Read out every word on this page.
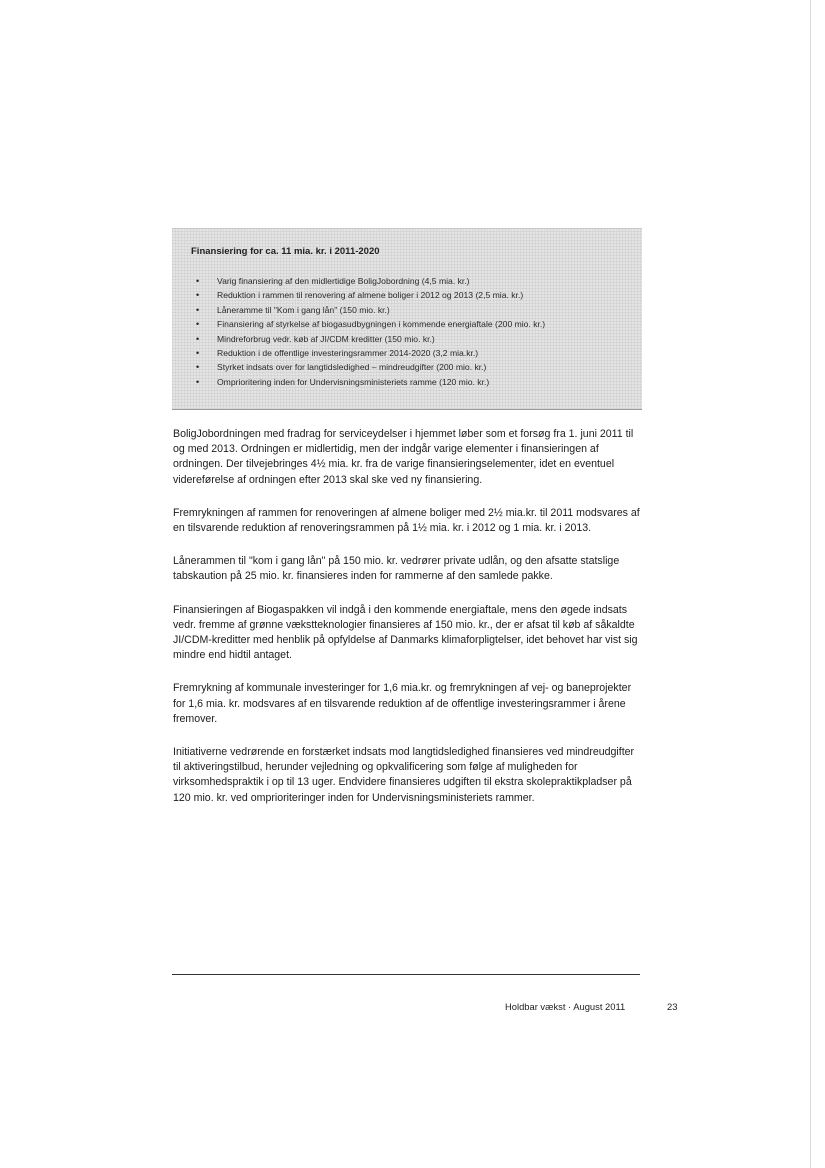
Finansiering for ca. 11 mia. kr. i 2011-2020
• Varig finansiering af den midlertidige BoligJobordning (4,5 mia. kr.)
• Reduktion i rammen til renovering af almene boliger i 2012 og 2013 (2,5 mia. kr.)
• Låneramme til "Kom i gang lån" (150 mio. kr.)
• Finansiering af styrkelse af biogasudbygningen i kommende energiaftale (200 mio. kr.)
• Mindreforbrug vedr. køb af JI/CDM kreditter (150 mio. kr.)
• Reduktion i de offentlige investeringsrammer 2014-2020 (3,2 mia.kr.)
• Styrket indsats over for langtidsledighed – mindreudgifter (200 mio. kr.)
• Omprioritering inden for Undervisningsministeriets ramme (120 mio. kr.)

BoligJobordningen med fradrag for serviceydelser i hjemmet løber som et forsøg fra 1. juni 2011 til og med 2013. Ordningen er midlertidig, men der indgår varige elementer i finansieringen af ordningen. Der tilvejebringes 4½ mia. kr. fra de varige finansieringselementer, idet en eventuel videreførelse af ordningen efter 2013 skal ske ved ny finansiering.

Fremrykningen af rammen for renoveringen af almene boliger med 2½ mia.kr. til 2011 modsvares af en tilsvarende reduktion af renoveringsrammen på 1½ mia. kr. i 2012 og 1 mia. kr. i 2013.

Lånerammen til "kom i gang lån" på 150 mio. kr. vedrører private udlån, og den afsatte statslige tabskaution på 25 mio. kr. finansieres inden for rammerne af den samlede pakke.

Finansieringen af Biogaspakken vil indgå i den kommende energiaftale, mens den øgede indsats vedr. fremme af grønne vækstteknologier finansieres af 150 mio. kr., der er afsat til køb af såkaldte JI/CDM-kreditter med henblik på opfyldelse af Danmarks klimaforpligtelser, idet behovet har vist sig mindre end hidtil antaget.

Fremrykning af kommunale investeringer for 1,6 mia.kr. og fremrykningen af vej- og baneprojekter for 1,6 mia. kr. modsvares af en tilsvarende reduktion af de offentlige investeringsrammer i årene fremover.

Initiativerne vedrørende en forstærket indsats mod langtidsledighed finansieres ved mindreudgifter til aktiveringstilbud, herunder vejledning og opkvalificering som følge af muligheden for virksomhedspraktik i op til 13 uger. Endvidere finansieres udgiften til ekstra skolepraktikpladser på 120 mio. kr. ved omprioriteringer inden for Undervisningsministeriets rammer.

Holdbar vækst · August 2011	23
